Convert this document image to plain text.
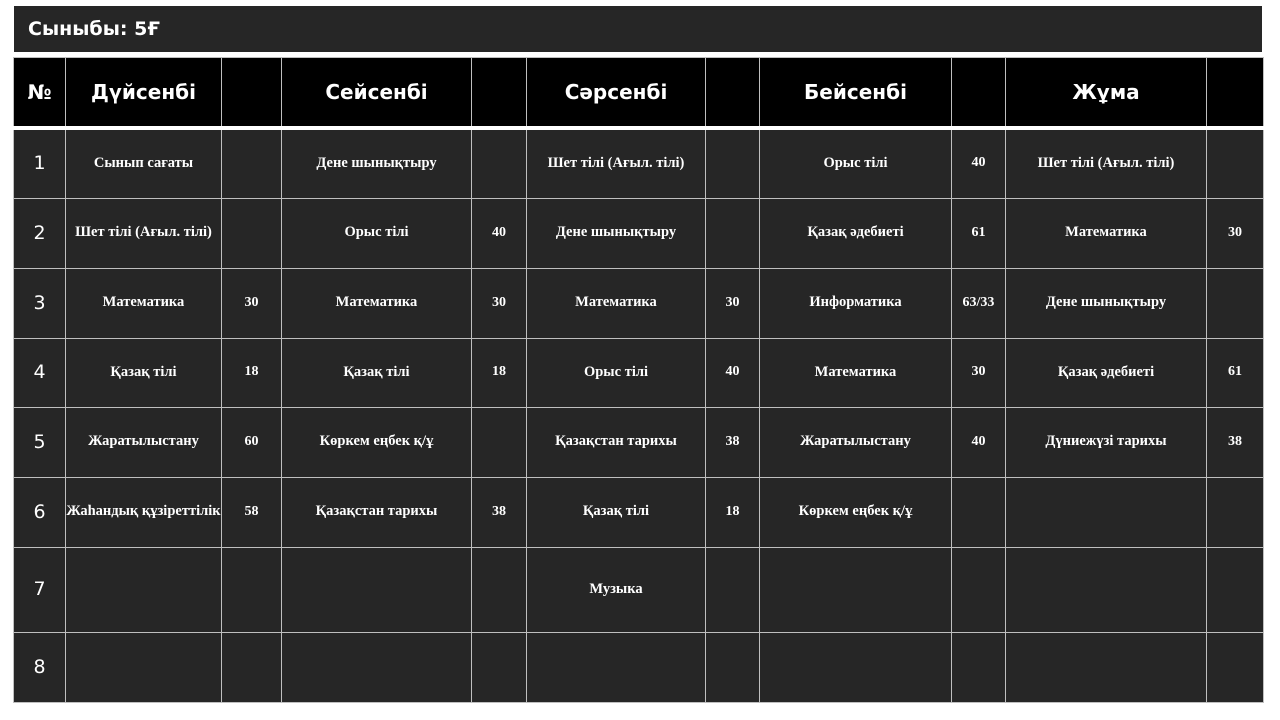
Сыныбы: 5Ғ
№	Дүйсенбі		Сейсенбі		Сәрсенбі		Бейсенбі		Жұма	
1	Сынып сағаты		Дене шынықтыру		Шет тілі (Ағыл. тілі)		Орыс тілі	40	Шет тілі (Ағыл. тілі)	
2	Шет тілі (Ағыл. тілі)		Орыс тілі	40	Дене шынықтыру		Қазақ әдебиеті	61	Математика	30
3	Математика	30	Математика	30	Математика	30	Информатика	63/33	Дене шынықтыру	
4	Қазақ тілі	18	Қазақ тілі	18	Орыс тілі	40	Математика	30	Қазақ әдебиеті	61
5	Жаратылыстану	60	Көркем еңбек қ/ұ		Қазақстан тарихы	38	Жаратылыстану	40	Дүниежүзі тарихы	38
6	Жаһандық құзіреттілік	58	Қазақстан тарихы	38	Қазақ тілі	18	Көркем еңбек қ/ұ			
7					Музыка					
8										
